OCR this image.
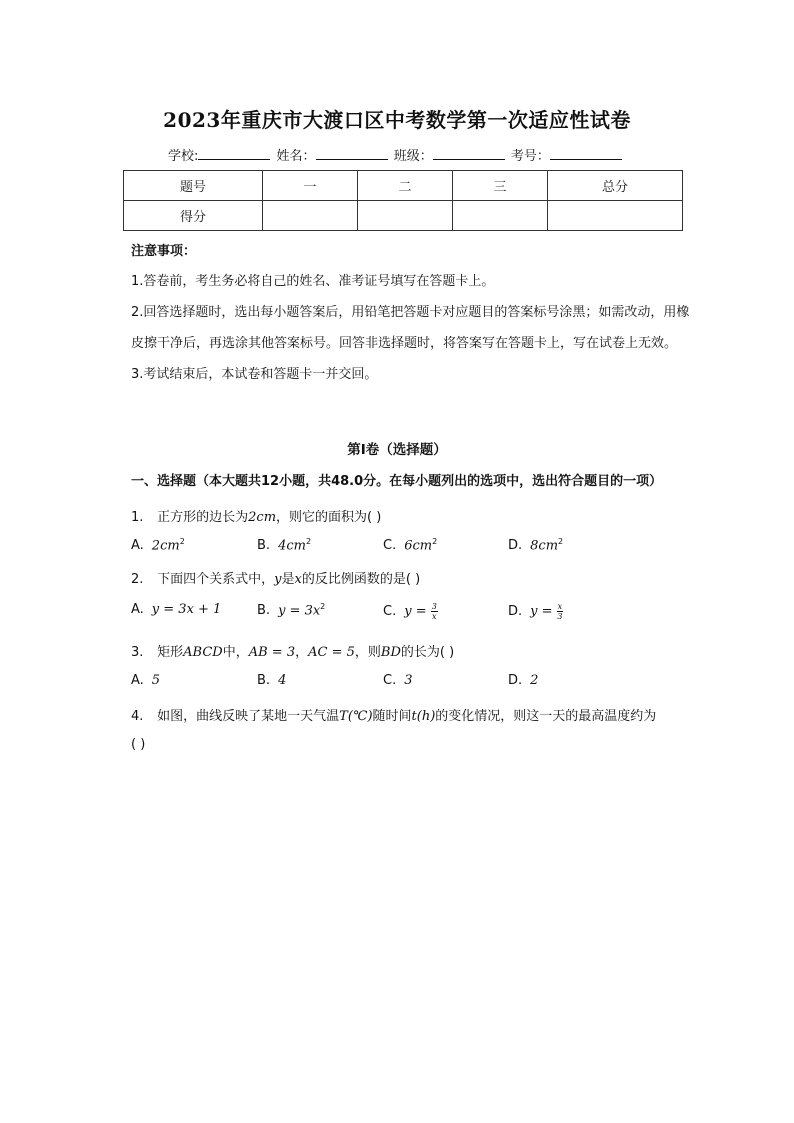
2023年重庆市大渡口区中考数学第一次适应性试卷
学校:	姓名：	班级：	考号：
题号	一	二	三	总分
得分				
注意事项：

1.答卷前，考生务必将自己的姓名、准考证号填写在答题卡上。

2.回答选择题时，选出每小题答案后，用铅笔把答题卡对应题目的答案标号涂黑；如需改动，用橡皮擦干净后，再选涂其他答案标号。回答非选择题时，将答案写在答题卡上，写在试卷上无效。

3.考试结束后，本试卷和答题卡一并交回。

第I卷（选择题）
一、选择题（本大题共12小题，共48.0分。在每小题列出的选项中，选出符合题目的一项）
1. 正方形的边长为2cm，则它的面积为( )
A. $2cm^2$	B. $4cm^2$	C. $6cm^2$	D. $8cm^2$
2. 下面四个关系式中，y是x的反比例函数的是( )
A. y = 3x + 1	B. $y = 3x^2$	C. $y = \frac{3}{x}$	D. $y = \frac{x}{3}$
3. 矩形ABCD中，AB = 3，AC = 5，则BD的长为( )
A. 5	B. 4	C. 3	D. 2
4. 如图，曲线反映了某地一天气温T(℃)随时间t(h)的变化情况，则这一天的最高温度约为
( )
